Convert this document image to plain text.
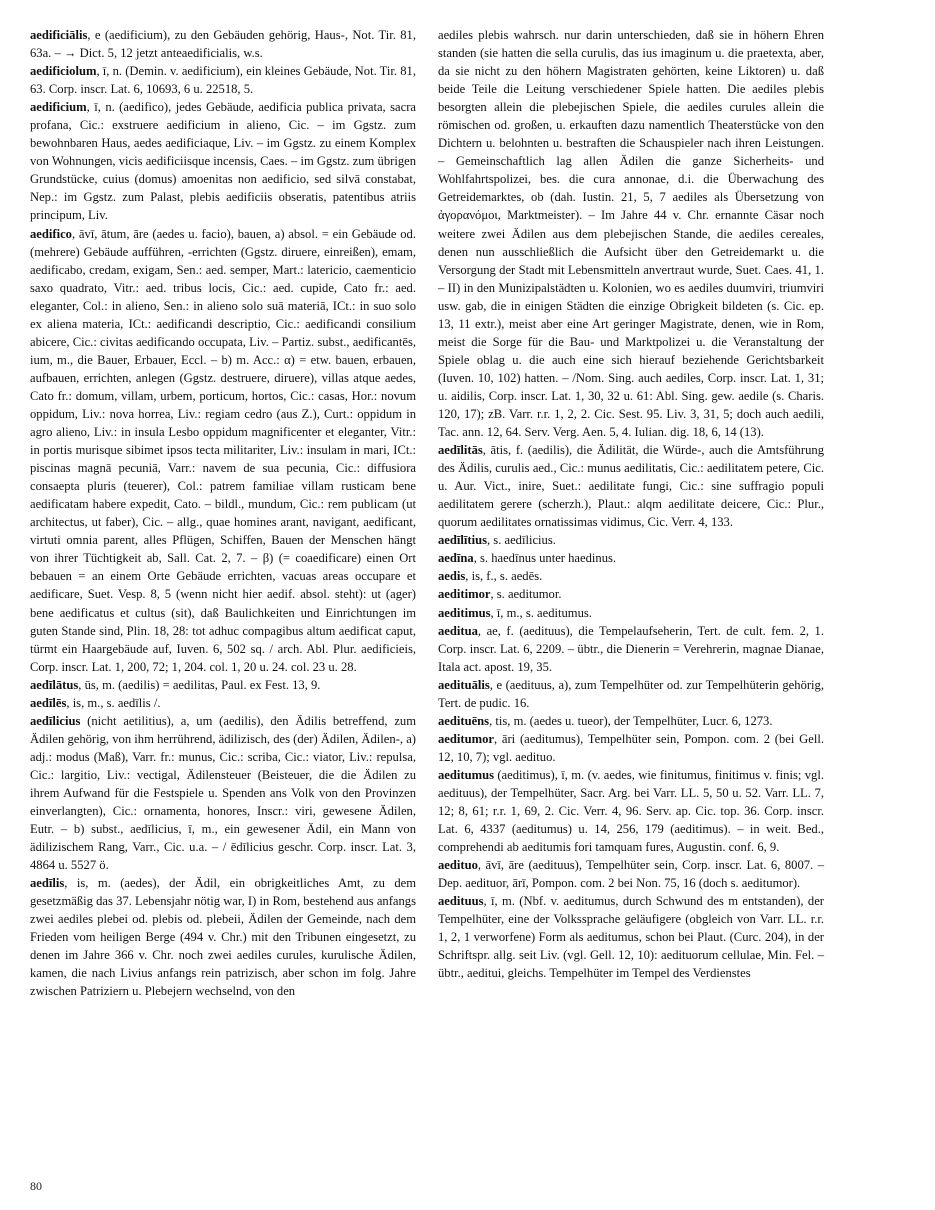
aedificiālis, e (aedificium), zu den Gebäuden gehörig, Haus-, Not. Tir. 81, 63a. – → Dict. 5, 12 jetzt anteaedificialis, w.s.

aedificiolum, ī, n. (Demin. v. aedificium), ein kleines Gebäude, Not. Tir. 81, 63. Corp. inscr. Lat. 6, 10693, 6 u. 22518, 5.

aedificium, ī, n. (aedifico), jedes Gebäude, aedificia publica privata, sacra profana, Cic.: exstruere aedificium in alieno, Cic. – im Ggstz. zum bewohnbaren Haus, aedes aedificiaque, Liv. – im Ggstz. zu einem Komplex von Wohnungen, vicis aedificiisque incensis, Caes. – im Ggstz. zum übrigen Grundstücke, cuius (domus) amoenitas non aedificio, sed silvā constabat, Nep.: im Ggstz. zum Palast, plebis aedificiis obseratis, patentibus atriis principum, Liv.

aedifico, āvī, ātum, āre (aedes u. facio), bauen, a) absol. = ein Gebäude od. (mehrere) Gebäude aufführen, -errichten (Ggstz. diruere, einreißen), emam, aedificabo, credam, exigam, Sen.: aed. semper, Mart.: latericio, caementicio saxo quadrato, Vitr.: aed. tribus locis, Cic.: aed. cupide, Cato fr.: aed. eleganter, Col.: in alieno, Sen.: in alieno solo suā materiā, ICt.: in suo solo ex aliena materia, ICt.: aedificandi descriptio, Cic.: aedificandi consilium abicere, Cic.: civitas aedificando occupata, Liv. – Partiz. subst., aedificantēs, ium, m., die Bauer, Erbauer, Eccl. – b) m. Acc.: α) = etw. bauen, erbauen, aufbauen, errichten, anlegen (Ggstz. destruere, diruere), villas atque aedes, Cato fr.: domum, villam, urbem, porticum, hortos, Cic.: casas, Hor.: novum oppidum, Liv.: nova horrea, Liv.: regiam cedro (aus Z.), Curt.: oppidum in agro alieno, Liv.: in insula Lesbo oppidum magnificenter et eleganter, Vitr.: in portis murisque sibimet ipsos tecta militariter, Liv.: insulam in mari, ICt.: piscinas magnā pecuniā, Varr.: navem de sua pecunia, Cic.: diffusiora consaepta pluris (teuerer), Col.: patrem familiae villam rusticam bene aedificatam habere expedit, Cato. – bildl., mundum, Cic.: rem publicam (ut architectus, ut faber), Cic. – allg., quae homines arant, navigant, aedificant, virtuti omnia parent, alles Pflügen, Schiffen, Bauen der Menschen hängt von ihrer Tüchtigkeit ab, Sall. Cat. 2, 7. – β) (= coaedificare) einen Ort bebauen = an einem Orte Gebäude errichten, vacuas areas occupare et aedificare, Suet. Vesp. 8, 5 (wenn nicht hier aedif. absol. steht): ut (ager) bene aedificatus et cultus (sit), daß Baulichkeiten und Einrichtungen im guten Stande sind, Plin. 18, 28: tot adhuc compagibus altum aedificat caput, türmt ein Haargebäude auf, Iuven. 6, 502 sq. / arch. Abl. Plur. aedificieis, Corp. inscr. Lat. 1, 200, 72; 1, 204. col. 1, 20 u. 24. col. 23 u. 28.

aedīlātus, ūs, m. (aedilis) = aedilitas, Paul. ex Fest. 13, 9.

aedīlēs, is, m., s. aedīlis /.

aedīlicius (nicht aetilitius), a, um (aedilis), den Ädilis betreffend, zum Ädilen gehörig, von ihm herrührend, ädilizisch, des (der) Ädilen, Ädilen-, a) adj.: modus (Maß), Varr. fr.: munus, Cic.: scriba, Cic.: viator, Liv.: repulsa, Cic.: largitio, Liv.: vectigal, Ädilensteuer (Beisteuer, die die Ädilen zu ihrem Aufwand für die Festspiele u. Spenden ans Volk von den Provinzen einverlangten), Cic.: ornamenta, honores, Inscr.: viri, gewesene Ädilen, Eutr. – b) subst., aedīlicius, ī, m., ein gewesener Ädil, ein Mann von ädilizischem Rang, Varr., Cic. u.a. – / ēdīlicius geschr. Corp. inscr. Lat. 3, 4864 u. 5527 ö.

aedīlis, is, m. (aedes), der Ädil, ein obrigkeitliches Amt, zu dem gesetzmäßig das 37. Lebensjahr nötig war, I) in Rom, bestehend aus anfangs zwei aediles plebei od. plebis od. plebeii, Ädilen der Gemeinde, nach dem Frieden vom heiligen Berge (494 v. Chr.) mit den Tribunen eingesetzt, zu denen im Jahre 366 v. Chr. noch zwei aediles curules, kurulische Ädilen, kamen, die nach Livius anfangs rein patrizisch, aber schon im folg. Jahre zwischen Patriziern u. Plebejern wechselnd, von den

aediles plebis wahrsch. nur darin unterschieden, daß sie in höhern Ehren standen (sie hatten die sella curulis, das ius imaginum u. die praetexta, aber, da sie nicht zu den höhern Magistraten gehörten, keine Liktoren) u. daß beide Teile die Leitung verschiedener Spiele hatten. Die aediles plebis besorgten allein die plebejischen Spiele, die aediles curules allein die römischen od. großen, u. erkauften dazu namentlich Theaterstücke von den Dichtern u. belohnten u. bestraften die Schauspieler nach ihren Leistungen. – Gemeinschaftlich lag allen Ädilen die ganze Sicherheits- und Wohlfahrtspolizei, bes. die cura annonae, d.i. die Überwachung des Getreidemarktes, ob (dah. Iustin. 21, 5, 7 aediles als Übersetzung von ἀγορανόμοι, Marktmeister). – Im Jahre 44 v. Chr. ernannte Cäsar noch weitere zwei Ädilen aus dem plebejischen Stande, die aediles cereales, denen nun ausschließlich die Aufsicht über den Getreidemarkt u. die Versorgung der Stadt mit Lebensmitteln anvertraut wurde, Suet. Caes. 41, 1. – II) in den Munizipalstädten u. Kolonien, wo es aediles duumviri, triumviri usw. gab, die in einigen Städten die einzige Obrigkeit bildeten (s. Cic. ep. 13, 11 extr.), meist aber eine Art geringer Magistrate, denen, wie in Rom, meist die Sorge für die Bau- und Marktpolizei u. die Veranstaltung der Spiele oblag u. die auch eine sich hierauf beziehende Gerichtsbarkeit (Iuven. 10, 102) hatten. – /Nom. Sing. auch aediles, Corp. inscr. Lat. 1, 31; u. aidilis, Corp. inscr. Lat. 1, 30, 32 u. 61: Abl. Sing. gew. aedile (s. Charis. 120, 17); zB. Varr. r.r. 1, 2, 2. Cic. Sest. 95. Liv. 3, 31, 5; doch auch aedili, Tac. ann. 12, 64. Serv. Verg. Aen. 5, 4. Iulian. dig. 18, 6, 14 (13).

aedīlitās, ātis, f. (aedilis), die Ädilität, die Würde-, auch die Amtsführung des Ädilis, curulis aed., Cic.: munus aedilitatis, Cic.: aedilitatem petere, Cic. u. Aur. Vict., inire, Suet.: aedilitate fungi, Cic.: sine suffragio populi aedilitatem gerere (scherzh.), Plaut.: alqm aedilitate deicere, Cic.: Plur., quorum aedilitates ornatissimas vidimus, Cic. Verr. 4, 133.

aedīlītius, s. aedīlicius.

aedīna, s. haedīnus unter haedinus.

aedis, is, f., s. aedēs.

aeditimor, s. aeditumor.

aeditimus, ī, m., s. aeditumus.

aeditua, ae, f. (aedituus), die Tempelaufseherin, Tert. de cult. fem. 2, 1. Corp. inscr. Lat. 6, 2209. – übtr., die Dienerin = Verehrerin, magnae Dianae, Itala act. apost. 19, 35.

aedituālis, e (aedituus, a), zum Tempelhüter od. zur Tempelhüterin gehörig, Tert. de pudic. 16.

aedituēns, tis, m. (aedes u. tueor), der Tempelhüter, Lucr. 6, 1273.

aeditumor, āri (aeditumus), Tempelhüter sein, Pompon. com. 2 (bei Gell. 12, 10, 7); vgl. aedituo.

aeditumus (aeditimus), ī, m. (v. aedes, wie finitumus, finitimus v. finis; vgl. aedituus), der Tempelhüter, Sacr. Arg. bei Varr. LL. 5, 50 u. 52. Varr. LL. 7, 12; 8, 61; r.r. 1, 69, 2. Cic. Verr. 4, 96. Serv. ap. Cic. top. 36. Corp. inscr. Lat. 6, 4337 (aeditumus) u. 14, 256, 179 (aeditimus). – in weit. Bed., comprehendi ab aeditumis fori tamquam fures, Augustin. conf. 6, 9.

aedituo, āvī, āre (aedituus), Tempelhüter sein, Corp. inscr. Lat. 6, 8007. – Dep. aedituor, ārī, Pompon. com. 2 bei Non. 75, 16 (doch s. aeditumor).

aedituus, ī, m. (Nbf. v. aeditumus, durch Schwund des m entstanden), der Tempelhüter, eine der Volkssprache geläufigere (obgleich von Varr. LL. r.r. 1, 2, 1 verworfene) Form als aeditumus, schon bei Plaut. (Curc. 204), in der Schriftspr. allg. seit Liv. (vgl. Gell. 12, 10): aedituorum cellulae, Min. Fel. – übtr., aeditui, gleichs. Tempelhüter im Tempel des Verdienstes

80
